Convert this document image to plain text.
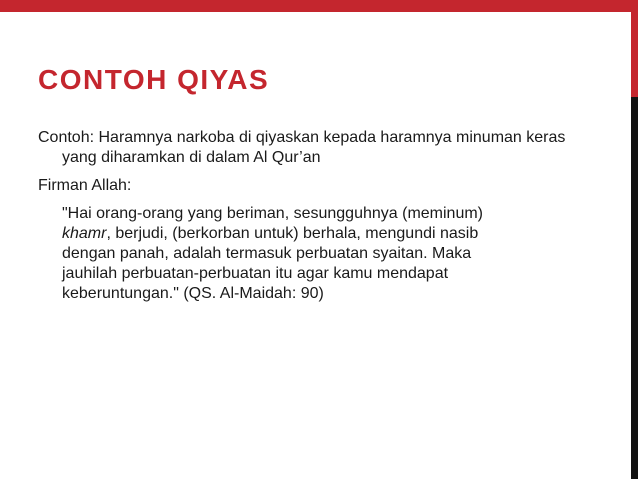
CONTOH QIYAS

Contoh: Haramnya narkoba di qiyaskan kepada haramnya minuman keras yang diharamkan di dalam Al Qur’an

Firman Allah:

"Hai orang-orang yang beriman, sesungguhnya (meminum)
khamr, berjudi, (berkorban untuk) berhala, mengundi nasib
dengan panah, adalah termasuk perbuatan syaitan. Maka
jauhilah perbuatan-perbuatan itu agar kamu mendapat
keberuntungan." (QS. Al-Maidah: 90)
